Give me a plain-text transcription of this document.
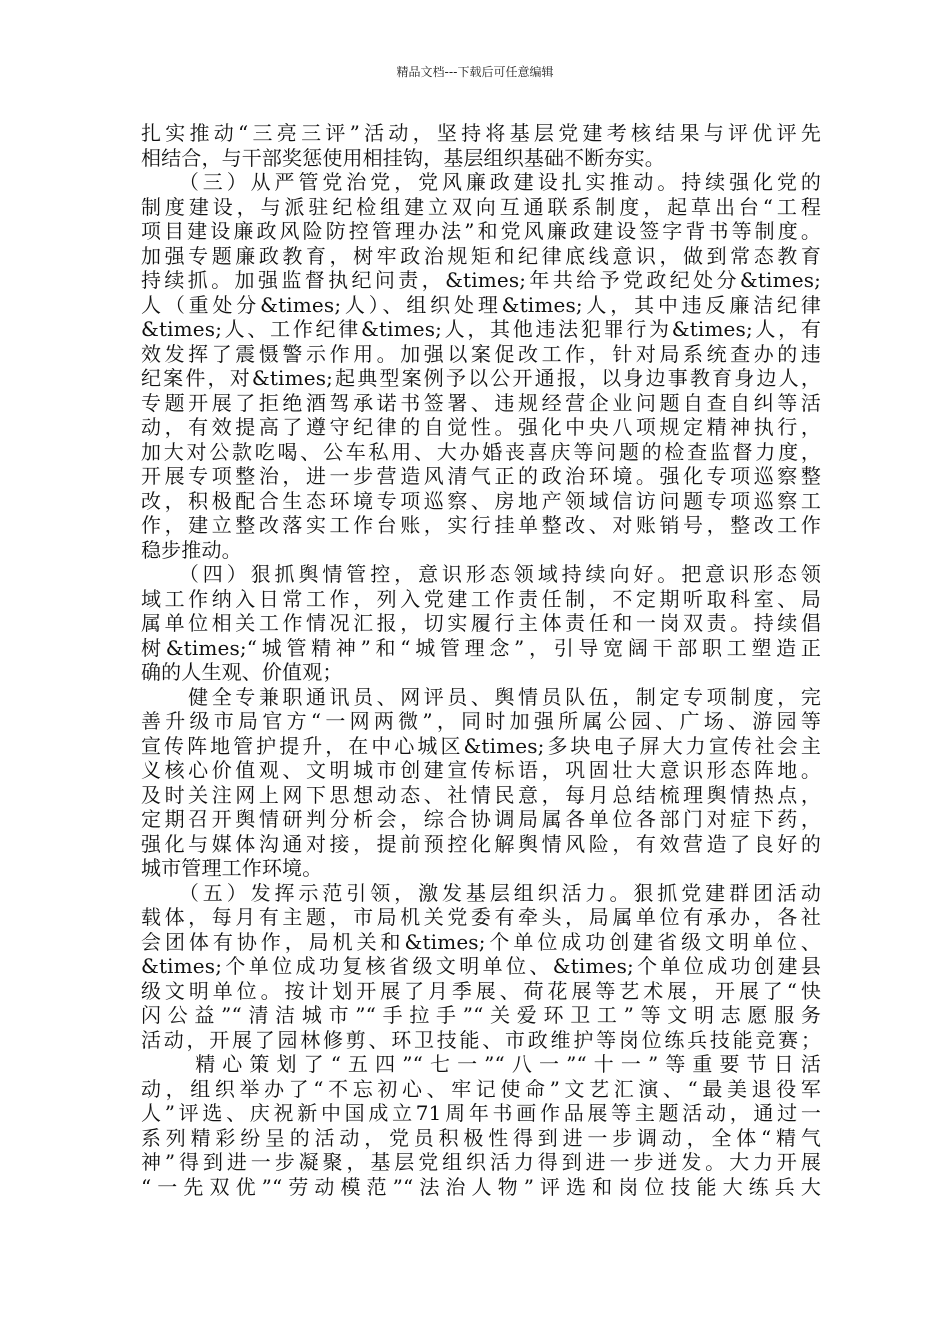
精品文档---下载后可任意编辑
扎实推动“三亮三评”活动，坚持将基层党建考核结果与评优评先
相结合，与干部奖惩使用相挂钩，基层组织基础不断夯实。
　　（三）从严管党治党，党风廉政建设扎实推动。持续强化党的
制度建设，与派驻纪检组建立双向互通联系制度，起草出台“工程
项目建设廉政风险防控管理办法”和党风廉政建设签字背书等制度。
加强专题廉政教育，树牢政治规矩和纪律底线意识，做到常态教育
持续抓。加强监督执纪问责，&times;年共给予党政纪处分&times;
人（重处分&times;人）、组织处理&times;人，其中违反廉洁纪律
&times;人、工作纪律&times;人，其他违法犯罪行为&times;人，有
效发挥了震慑警示作用。加强以案促改工作，针对局系统查办的违
纪案件，对&times;起典型案例予以公开通报，以身边事教育身边人，
专题开展了拒绝酒驾承诺书签署、违规经营企业问题自查自纠等活
动，有效提高了遵守纪律的自觉性。强化中央八项规定精神执行，
加大对公款吃喝、公车私用、大办婚丧喜庆等问题的检查监督力度，
开展专项整治，进一步营造风清气正的政治环境。强化专项巡察整
改，积极配合生态环境专项巡察、房地产领域信访问题专项巡察工
作，建立整改落实工作台账，实行挂单整改、对账销号，整改工作
稳步推动。
　　（四）狠抓舆情管控，意识形态领域持续向好。把意识形态领
域工作纳入日常工作，列入党建工作责任制，不定期听取科室、局
属单位相关工作情况汇报，切实履行主体责任和一岗双责。持续倡
树&times;“城管精神”和“城管理念”，引导宽阔干部职工塑造正
确的人生观、价值观；
　　健全专兼职通讯员、网评员、舆情员队伍，制定专项制度，完
善升级市局官方“一网两微”，同时加强所属公园、广场、游园等
宣传阵地管护提升，在中心城区&times;多块电子屏大力宣传社会主
义核心价值观、文明城市创建宣传标语，巩固壮大意识形态阵地。
及时关注网上网下思想动态、社情民意，每月总结梳理舆情热点，
定期召开舆情研判分析会，综合协调局属各单位各部门对症下药，
强化与媒体沟通对接，提前预控化解舆情风险，有效营造了良好的
城市管理工作环境。
　　（五）发挥示范引领，激发基层组织活力。狠抓党建群团活动
载体，每月有主题，市局机关党委有牵头，局属单位有承办，各社
会团体有协作，局机关和&times;个单位成功创建省级文明单位、
&times;个单位成功复核省级文明单位、&times;个单位成功创建县
级文明单位。按计划开展了月季展、荷花展等艺术展，开展了“快
闪公益”“清洁城市”“手拉手”“关爱环卫工”等文明志愿服务
活动，开展了园林修剪、环卫技能、市政维护等岗位练兵技能竞赛；
　　精心策划了“五四”“七一”“八一”“十一”等重要节日活
动，组织举办了“不忘初心、牢记使命”文艺汇演、“最美退役军
人”评选、庆祝新中国成立71周年书画作品展等主题活动，通过一
系列精彩纷呈的活动，党员积极性得到进一步调动，全体“精气
神”得到进一步凝聚，基层党组织活力得到进一步迸发。大力开展
“一先双优”“劳动模范”“法治人物”评选和岗位技能大练兵大
